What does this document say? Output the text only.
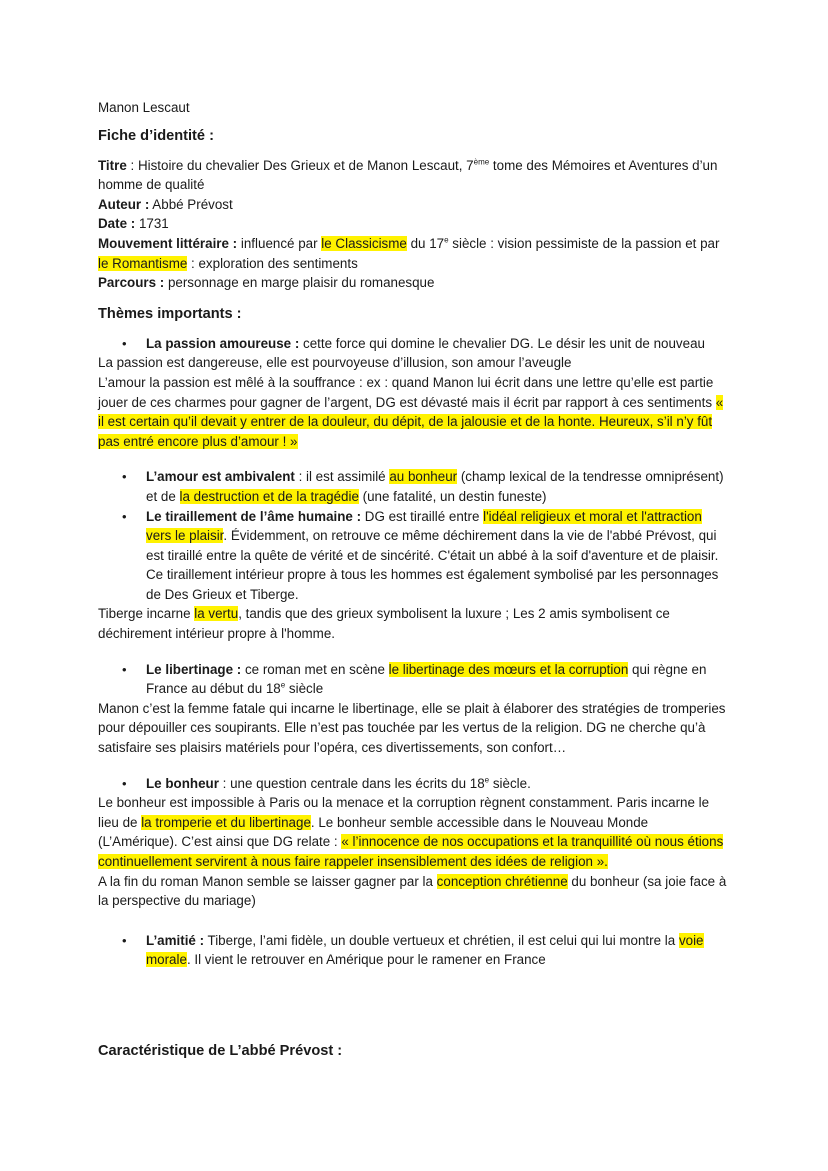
Manon Lescaut

Fiche d’identité :

Titre : Histoire du chevalier Des Grieux et de Manon Lescaut, 7ème tome des Mémoires et Aventures d’un homme de qualité

Auteur : Abbé Prévost

Date : 1731

Mouvement littéraire : influencé par le Classicisme du 17e siècle : vision pessimiste de la passion et par le Romantisme : exploration des sentiments

Parcours : personnage en marge plaisir du romanesque

Thèmes importants :
• La passion amoureuse : cette force qui domine le chevalier DG. Le désir les unit de nouveau

La passion est dangereuse, elle est pourvoyeuse d’illusion, son amour l’aveugle

L’amour la passion est mêlé à la souffrance : ex : quand Manon lui écrit dans une lettre qu’elle est partie jouer de ces charmes pour gagner de l’argent, DG est dévasté mais il écrit par rapport à ces sentiments « il est certain qu’il devait y entrer de la douleur, du dépit, de la jalousie et de la honte. Heureux, s’il n’y fût pas entré encore plus d’amour ! »

• L’amour est ambivalent : il est assimilé au bonheur (champ lexical de la tendresse omniprésent) et de la destruction et de la tragédie (une fatalité, un destin funeste)
• Le tiraillement de l’âme humaine : DG est tiraillé entre l'idéal religieux et moral et l'attraction vers le plaisir. Évidemment, on retrouve ce même déchirement dans la vie de l'abbé Prévost, qui est tiraillé entre la quête de vérité et de sincérité. C'était un abbé à la soif d'aventure et de plaisir. Ce tiraillement intérieur propre à tous les hommes est également symbolisé par les personnages de Des Grieux et Tiberge.

Tiberge incarne la vertu, tandis que des grieux symbolisent la luxure ; Les 2 amis symbolisent ce déchirement intérieur propre à l'homme.

• Le libertinage : ce roman met en scène le libertinage des mœurs et la corruption qui règne en France au début du 18e siècle

Manon c’est la femme fatale qui incarne le libertinage, elle se plait à élaborer des stratégies de tromperies pour dépouiller ces soupirants. Elle n’est pas touchée par les vertus de la religion. DG ne cherche qu’à satisfaire ses plaisirs matériels pour l’opéra, ces divertissements, son confort…

• Le bonheur : une question centrale dans les écrits du 18e siècle.

Le bonheur est impossible à Paris ou la menace et la corruption règnent constamment. Paris incarne le lieu de la tromperie et du libertinage. Le bonheur semble accessible dans le Nouveau Monde (L’Amérique). C’est ainsi que DG relate : « l’innocence de nos occupations et la tranquillité où nous étions continuellement servirent à nous faire rappeler insensiblement des idées de religion ».

A la fin du roman Manon semble se laisser gagner par la conception chrétienne du bonheur (sa joie face à la perspective du mariage)

• L’amitié : Tiberge, l’ami fidèle, un double vertueux et chrétien, il est celui qui lui montre la voie morale. Il vient le retrouver en Amérique pour le ramener en France
Caractéristique de L’abbé Prévost :
